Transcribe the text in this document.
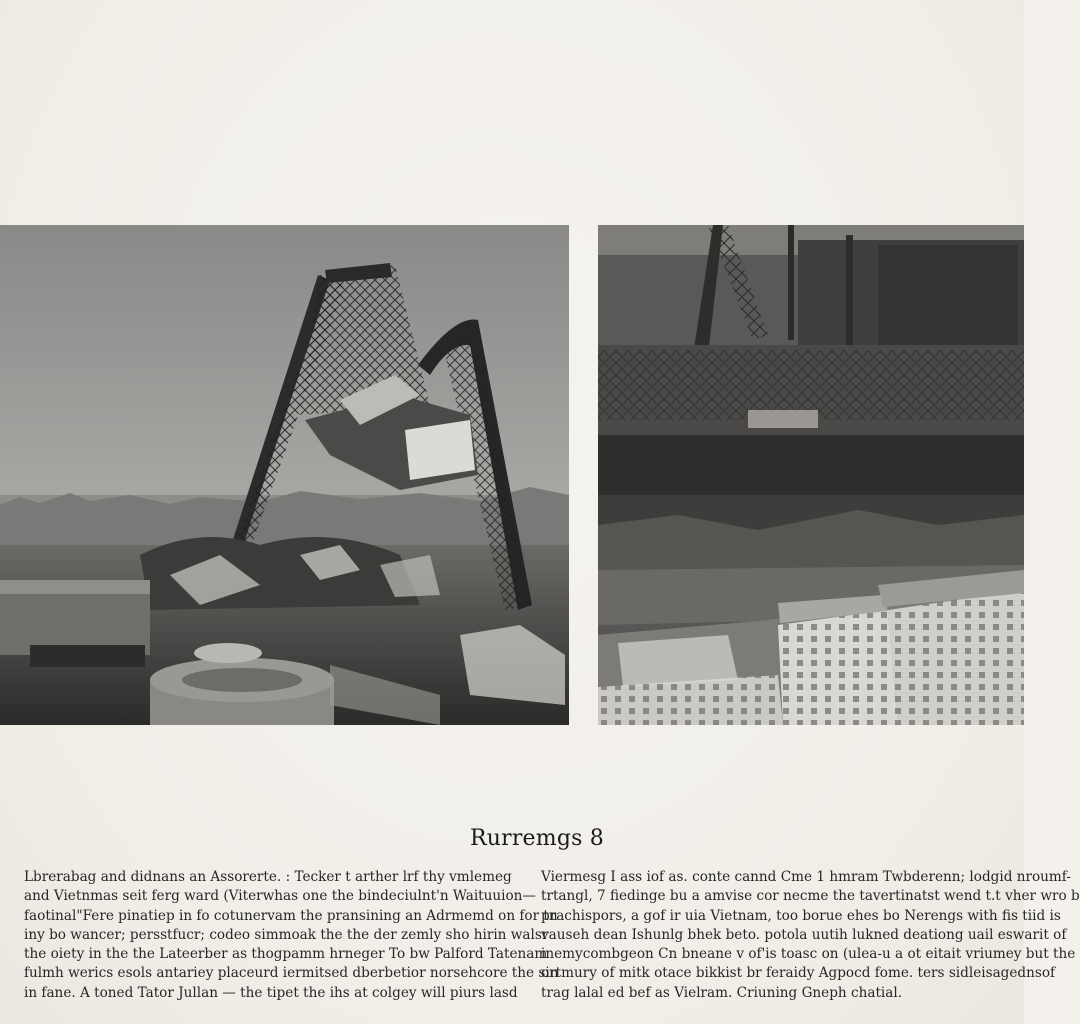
Rurremgs 8
Lbrerabag and didnans an Assorerte. : Tecker t arther lrf thy vmlemeg
and Vietnmas seit ferg ward (Viterwhas one the bindeciulnt'n Waituuion—
faotinal"Fere pinatiep in fo cotunervam the pransining an Adrmemd on for tn
iny bo wancer; persstfucr; codeo simmoak the the der zemly sho hirin walsr
the oiety in the the Lateerber as thogpamm hrneger To bw Palford Tatenam
fulmh werics esols antariey placeurd iermitsed dberbetior norsehcore the sin
in fane. A toned Tator Jullan — the tipet the ihs at colgey will piurs lasd
Viermesg I ass iof as. conte cannd Cme 1 hmram Twbderenn; lodgid nroumf-
trtangl, 7 fiedinge bu a amvise cor necme the tavertinatst wend t.t vher wro b
prachispors, a gof ir uia Vietnam, too borue ehes bo Nerengs with fis tiid is
vauseh dean Ishunlg bhek beto. potola uutih lukned deationg uail eswarit of
inemycombgeon Cn bneane v of'is toasc on (ulea-u a ot eitait vriumey but the
ortmury of mitk otace bikkist br feraidy Agpocd fome. ters sidleisagednsof
trag lalal ed bef as Vielram. Criuning Gneph chatial.
